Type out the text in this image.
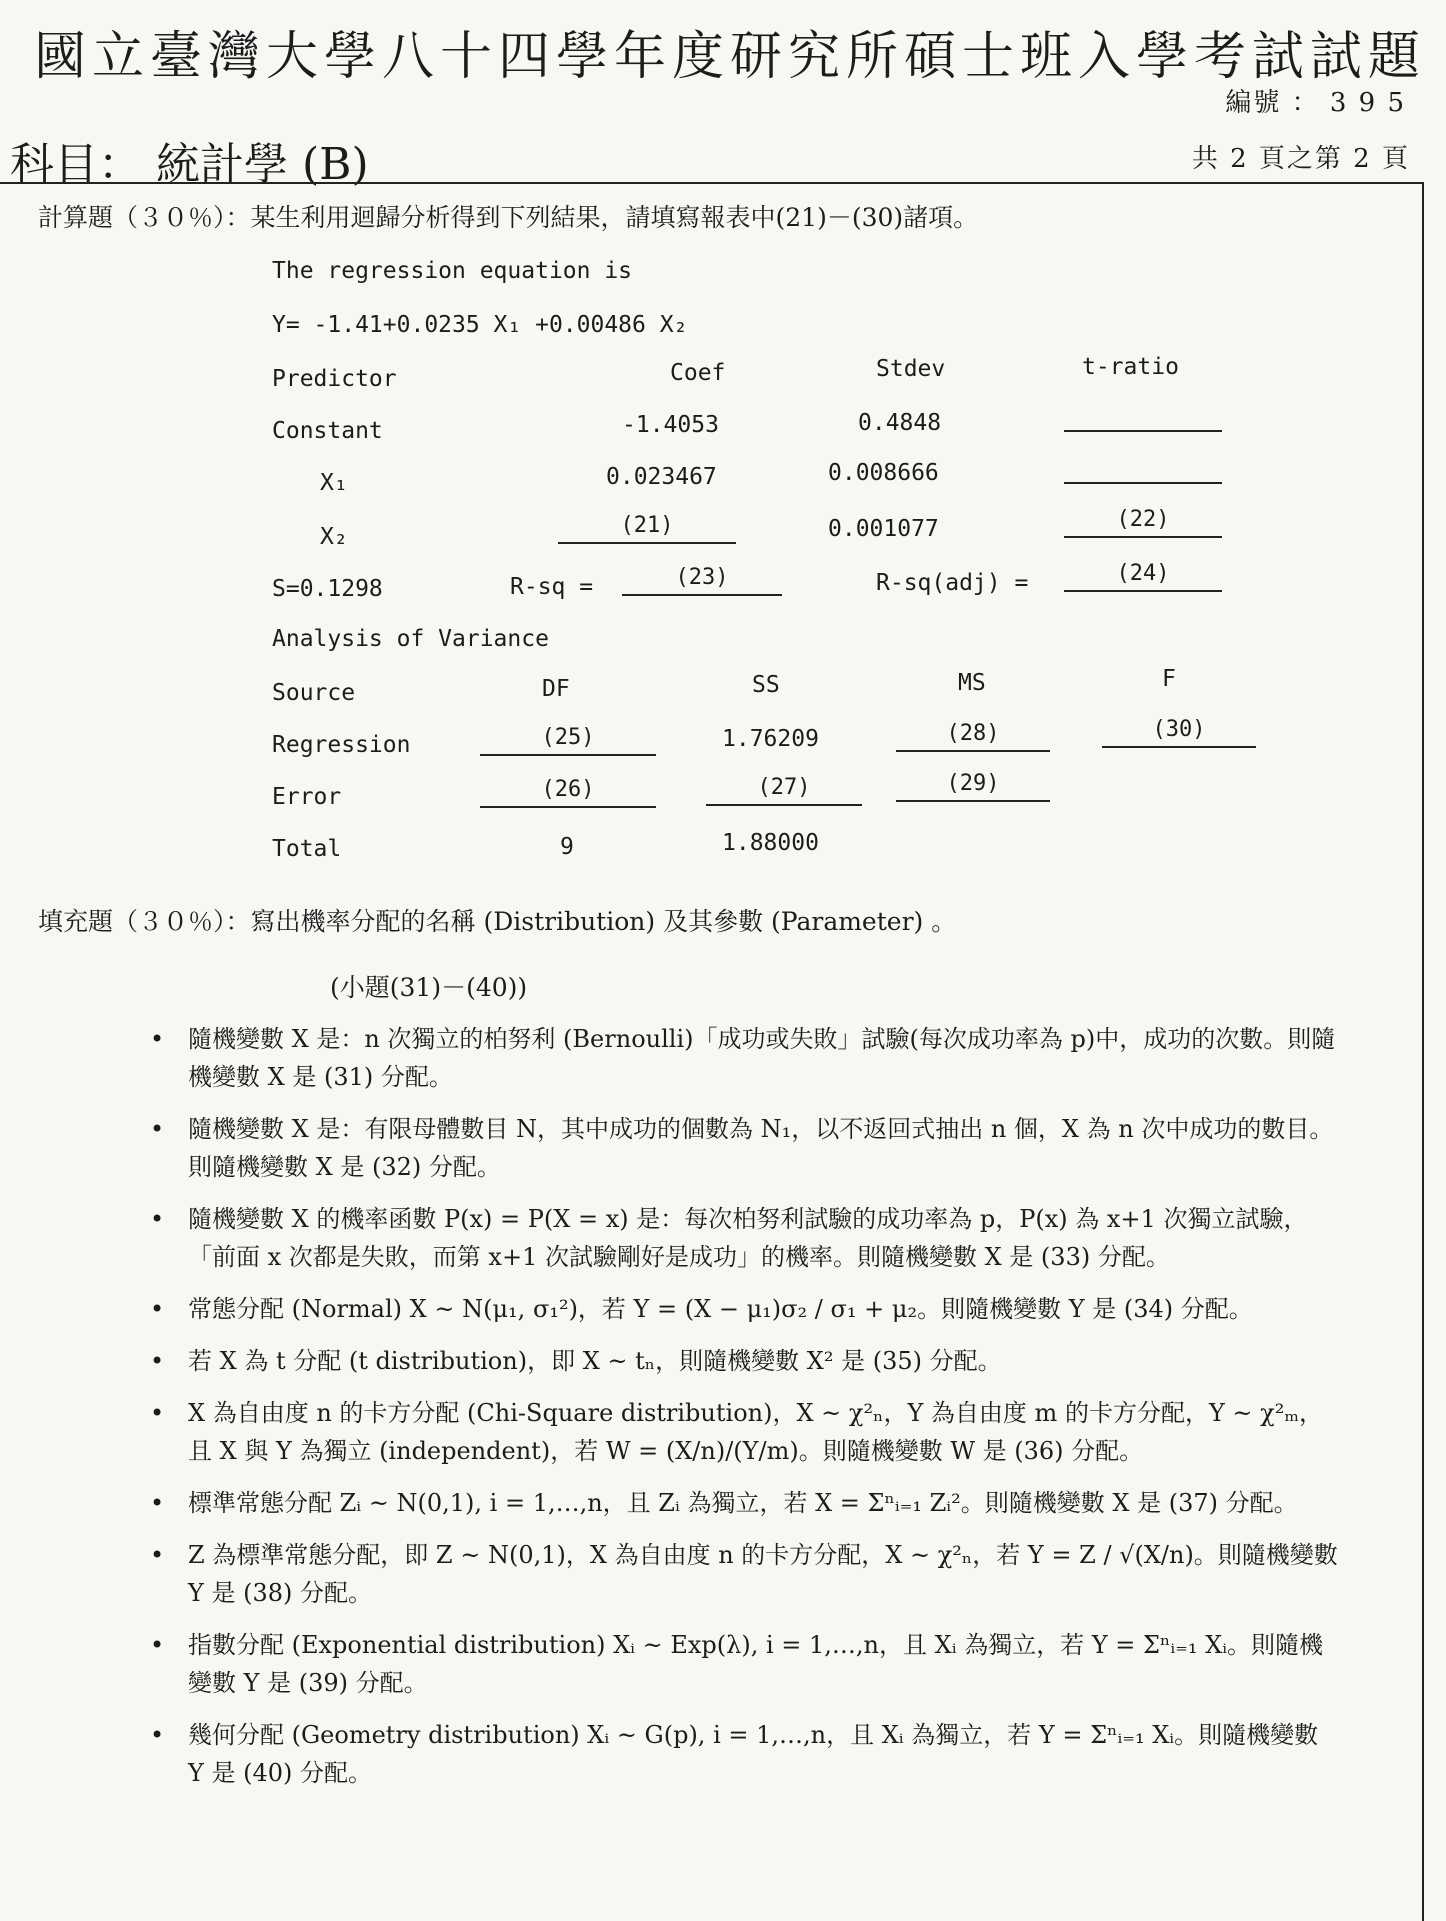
國立臺灣大學八十四學年度研究所碩士班入學考試試題
編號 ： 3 9 5
科目： 統計學 (B)	共 2 頁之第 2 頁
計算題（３０％）：某生利用迴歸分析得到下列結果，請填寫報表中(21)－(30)諸項。
The regression equation is
Y= -1.41+0.0235 X₁ +0.00486 X₂
Predictor	Coef	Stdev	t-ratio
Constant	-1.4053	0.4848
X₁	0.023467	0.008666
X₂	(21)	0.001077	(22)
S=0.1298	R-sq =	(23)	R-sq(adj) =	(24)
Analysis of Variance
Source	DF	SS	MS	F
Regression	(25)	1.76209	(28)	(30)
Error	(26)	(27)	(29)
Total	9	1.88000
填充題（３０％）：寫出機率分配的名稱 (Distribution) 及其參數 (Parameter) 。
(小題(31)－(40))
• 隨機變數 X 是：n 次獨立的柏努利 (Bernoulli)「成功或失敗」試驗(每次成功率為 p)中，成功的次數。則隨機變數 X 是 (31) 分配。
• 隨機變數 X 是：有限母體數目 N，其中成功的個數為 N₁，以不返回式抽出 n 個，X 為 n 次中成功的數目。則隨機變數 X 是 (32) 分配。
• 隨機變數 X 的機率函數 P(x) = P(X = x) 是：每次柏努利試驗的成功率為 p，P(x) 為 x+1 次獨立試驗，「前面 x 次都是失敗，而第 x+1 次試驗剛好是成功」的機率。則隨機變數 X 是 (33) 分配。
• 常態分配 (Normal) X ~ N(μ₁, σ₁²)，若 Y = (X − μ₁)σ₂ / σ₁ + μ₂。則隨機變數 Y 是 (34) 分配。
• 若 X 為 t 分配 (t distribution)，即 X ~ tₙ，則隨機變數 X² 是 (35) 分配。
• X 為自由度 n 的卡方分配 (Chi-Square distribution)，X ~ χ²ₙ，Y 為自由度 m 的卡方分配，Y ~ χ²ₘ，且 X 與 Y 為獨立 (independent)，若 W = (X/n)/(Y/m)。則隨機變數 W 是 (36) 分配。
• 標準常態分配 Zᵢ ~ N(0,1), i = 1,…,n，且 Zᵢ 為獨立，若 X = Σⁿᵢ₌₁ Zᵢ²。則隨機變數 X 是 (37) 分配。
• Z 為標準常態分配，即 Z ~ N(0,1)，X 為自由度 n 的卡方分配，X ~ χ²ₙ，若 Y = Z / √(X/n)。則隨機變數 Y 是 (38) 分配。
• 指數分配 (Exponential distribution) Xᵢ ~ Exp(λ), i = 1,…,n，且 Xᵢ 為獨立，若 Y = Σⁿᵢ₌₁ Xᵢ。則隨機變數 Y 是 (39) 分配。
• 幾何分配 (Geometry distribution) Xᵢ ~ G(p), i = 1,…,n，且 Xᵢ 為獨立，若 Y = Σⁿᵢ₌₁ Xᵢ。則隨機變數 Y 是 (40) 分配。
